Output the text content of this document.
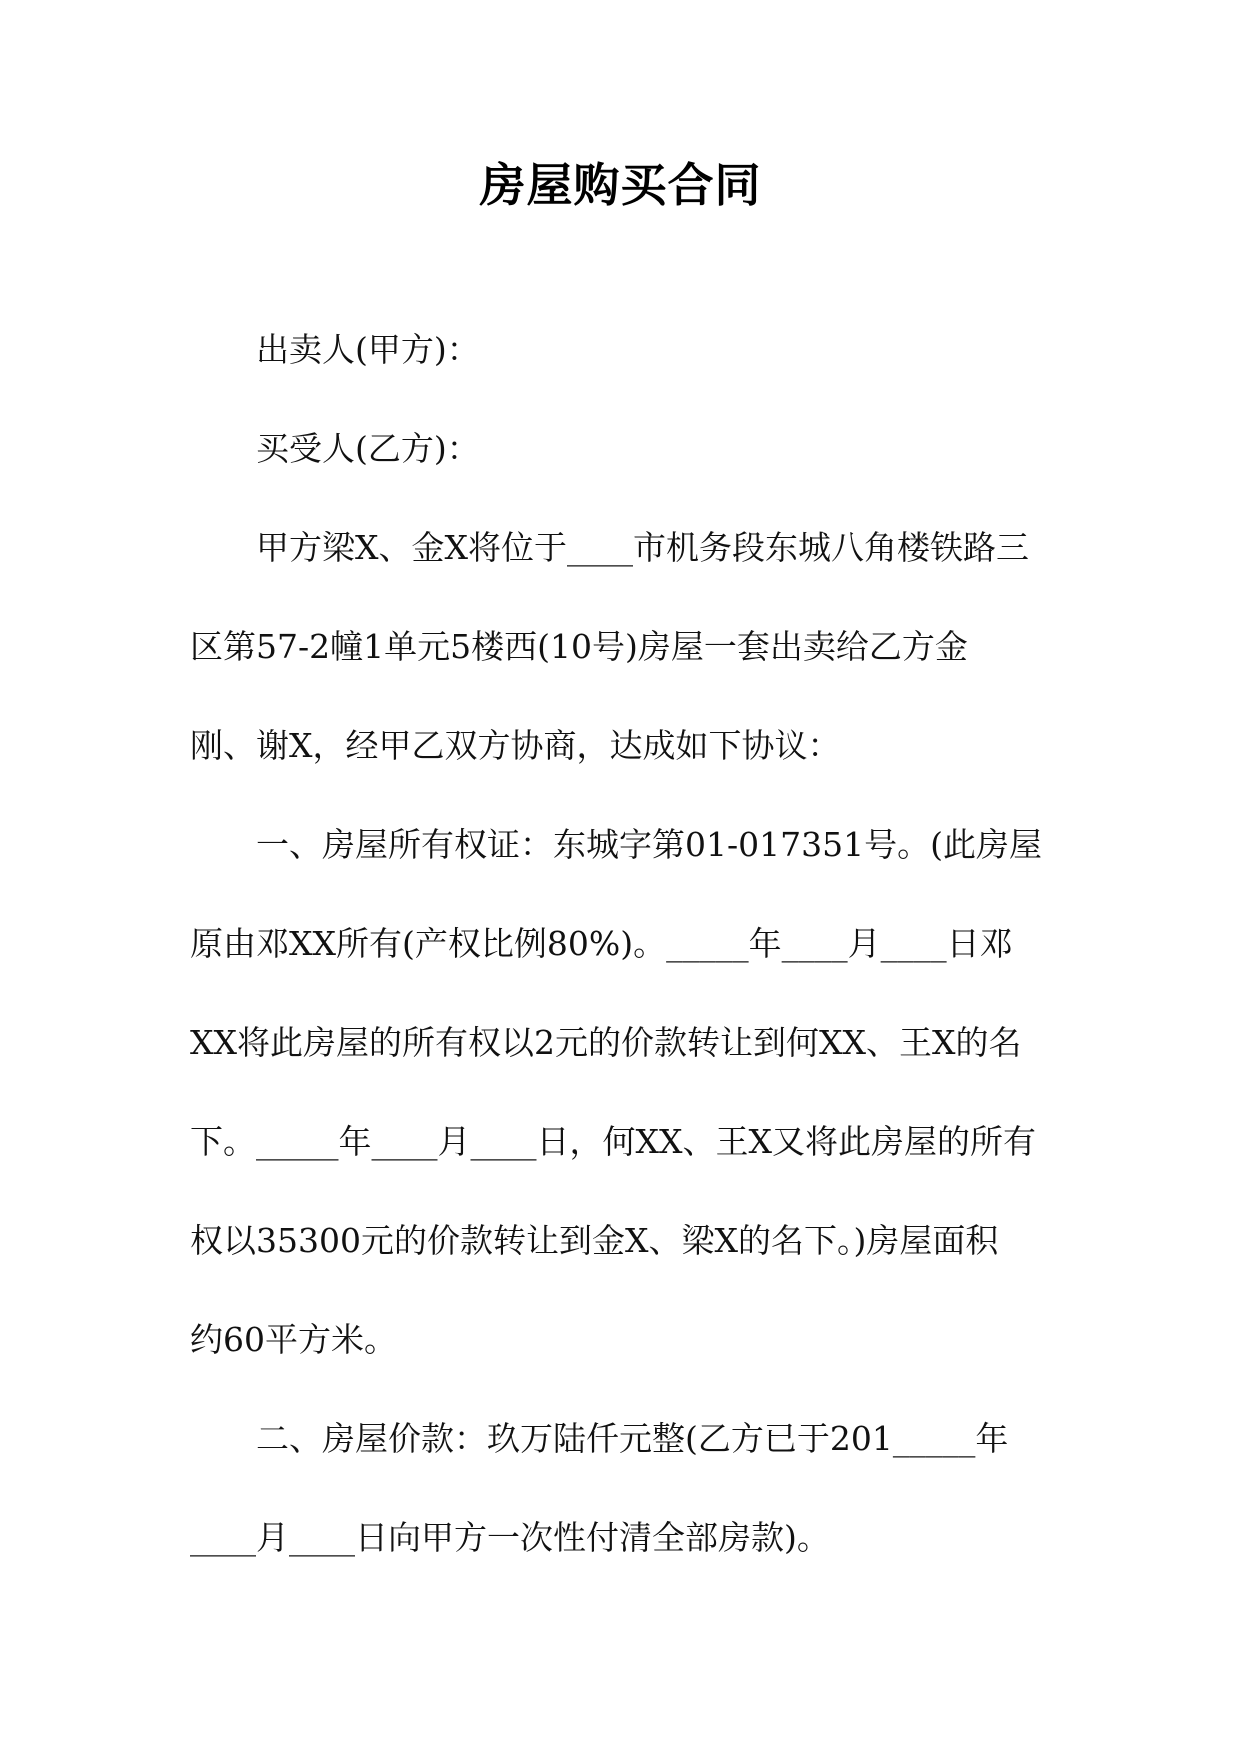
房屋购买合同

出卖人(甲方)：

买受人(乙方)：

甲方梁X、金X将位于____市机务段东城八角楼铁路三
区第57-2幢1单元5楼西(10号)房屋一套出卖给乙方金
刚、谢X，经甲乙双方协商，达成如下协议：

一、房屋所有权证：东城字第01-017351号。(此房屋
原由邓XX所有(产权比例80%)。_____年____月____日邓
XX将此房屋的所有权以2元的价款转让到何XX、王X的名
下。_____年____月____日，何XX、王X又将此房屋的所有
权以35300元的价款转让到金X、梁X的名下。)房屋面积
约60平方米。

二、房屋价款：玖万陆仟元整(乙方已于201_____年
____月____日向甲方一次性付清全部房款)。
